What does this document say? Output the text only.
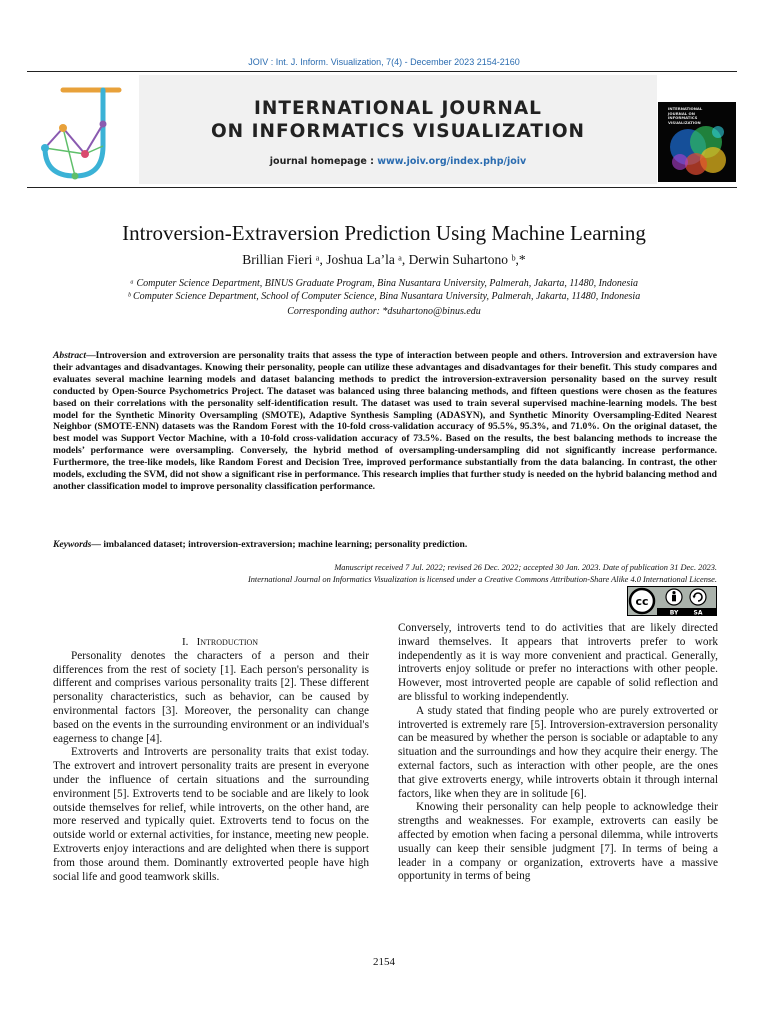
JOIV : Int. J. Inform. Visualization, 7(4) - December 2023 2154-2160
INTERNATIONAL JOURNAL
ON INFORMATICS VISUALIZATION
journal homepage : www.joiv.org/index.php/joiv
INTERNATIONAL
JOURNAL ON
INFORMATICS
VISUALIZATION
Introversion-Extraversion Prediction Using Machine Learning
Brillian Fieri ᵃ, Joshua La’la ᵃ, Derwin Suhartono ᵇ,*
ᵃ Computer Science Department, BINUS Graduate Program, Bina Nusantara University, Palmerah, Jakarta, 11480, Indonesia
ᵇ Computer Science Department, School of Computer Science, Bina Nusantara University, Palmerah, Jakarta, 11480, Indonesia
Corresponding author: *dsuhartono@binus.edu

Abstract—Introversion and extroversion are personality traits that assess the type of interaction between people and others. Introversion and extraversion have their advantages and disadvantages. Knowing their personality, people can utilize these advantages and disadvantages for their benefit. This study compares and evaluates several machine learning models and dataset balancing methods to predict the introversion-extraversion personality based on the survey result conducted by Open-Source Psychometrics Project. The dataset was balanced using three balancing methods, and fifteen questions were chosen as the features based on their correlations with the personality self-identification result. The dataset was used to train several supervised machine-learning models. The best model for the Synthetic Minority Oversampling (SMOTE), Adaptive Synthesis Sampling (ADASYN), and Synthetic Minority Oversampling-Edited Nearest Neighbor (SMOTE-ENN) datasets was the Random Forest with the 10-fold cross-validation accuracy of 95.5%, 95.3%, and 71.0%. On the original dataset, the best model was Support Vector Machine, with a 10-fold cross-validation accuracy of 73.5%. Based on the results, the best balancing methods to increase the models’ performance were oversampling. Conversely, the hybrid method of oversampling-undersampling did not significantly increase performance. Furthermore, the tree-like models, like Random Forest and Decision Tree, improved performance substantially from the data balancing. In contrast, the other models, excluding the SVM, did not show a significant rise in performance. This research implies that further study is needed on the hybrid balancing method and another classification model to improve personality classification performance.

Keywords— imbalanced dataset; introversion-extraversion; machine learning; personality prediction.

Manuscript received 7 Jul. 2022; revised 26 Dec. 2022; accepted 30 Jan. 2023. Date of publication 31 Dec. 2023.
International Journal on Informatics Visualization is licensed under a Creative Commons Attribution-Share Alike 4.0 International License.
cc
BY	SA

I. Introduction

Personality denotes the characters of a person and their differences from the rest of society [1]. Each person's personality is different and comprises various personality traits [2]. These different personality characteristics, such as behavior, can be caused by environmental factors [3]. Moreover, the personality can change based on the events in the surrounding environment or an individual's eagerness to change [4].

Extroverts and Introverts are personality traits that exist today. The extrovert and introvert personality traits are present in everyone under the influence of certain situations and the surrounding environment [5]. Extroverts tend to be sociable and are likely to look outside themselves for relief, while introverts, on the other hand, are more reserved and typically quiet. Extroverts tend to focus on the outside world or external activities, for instance, meeting new people. Extroverts enjoy interactions and are delighted when there is support from those around them. Dominantly extroverted people have high social life and good teamwork skills.

Conversely, introverts tend to do activities that are likely directed inward themselves. It appears that introverts prefer to work independently as it is way more convenient and practical. Generally, introverts enjoy solitude or prefer no interactions with other people. However, most introverted people are capable of solid reflection and are blissful to working independently.

A study stated that finding people who are purely extroverted or introverted is extremely rare [5]. Introversion-extraversion personality can be measured by whether the person is sociable or adaptable to any situation and the surroundings and how they acquire their energy. The external factors, such as interaction with other people, are the ones that give extroverts energy, while introverts obtain it through internal factors, like when they are in solitude [6].

Knowing their personality can help people to acknowledge their strengths and weaknesses. For example, extroverts can easily be affected by emotion when facing a personal dilemma, while introverts usually can keep their sensible judgment [7]. In terms of being a leader in a company or organization, extroverts have a massive opportunity in terms of being

2154
